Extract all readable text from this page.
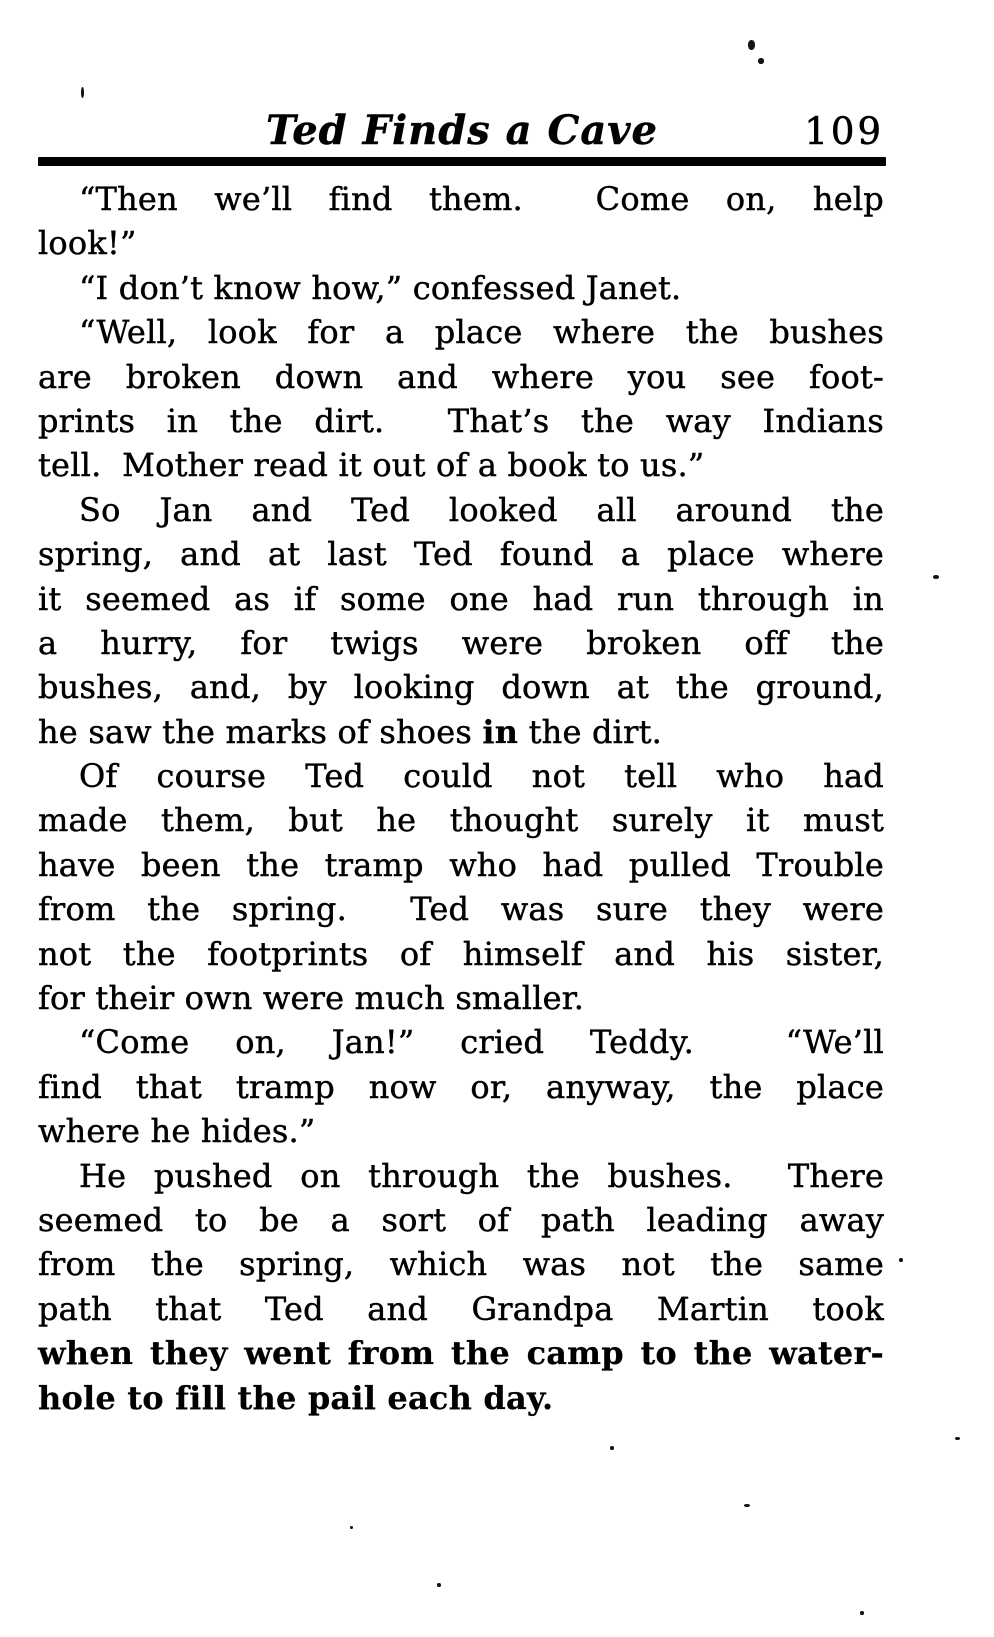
Ted Finds a Cave	109
“Then we’ll find them.  Come on, help
look!”
“I don’t know how,” confessed Janet.
“Well, look for a place where the bushes
are broken down and where you see foot-
prints in the dirt.  That’s the way Indians
tell.  Mother read it out of a book to us.”
So Jan and Ted looked all around the
spring, and at last Ted found a place where
it seemed as if some one had run through in
a hurry, for twigs were broken off the
bushes, and, by looking down at the ground,
he saw the marks of shoes in the dirt.
Of course Ted could not tell who had
made them, but he thought surely it must
have been the tramp who had pulled Trouble
from the spring.  Ted was sure they were
not the footprints of himself and his sister,
for their own were much smaller.
“Come on, Jan!” cried Teddy.  “We’ll
find that tramp now or, anyway, the place
where he hides.”
He pushed on through the bushes.  There
seemed to be a sort of path leading away
from the spring, which was not the same
path that Ted and Grandpa Martin took
when they went from the camp to the water-
hole to fill the pail each day.
